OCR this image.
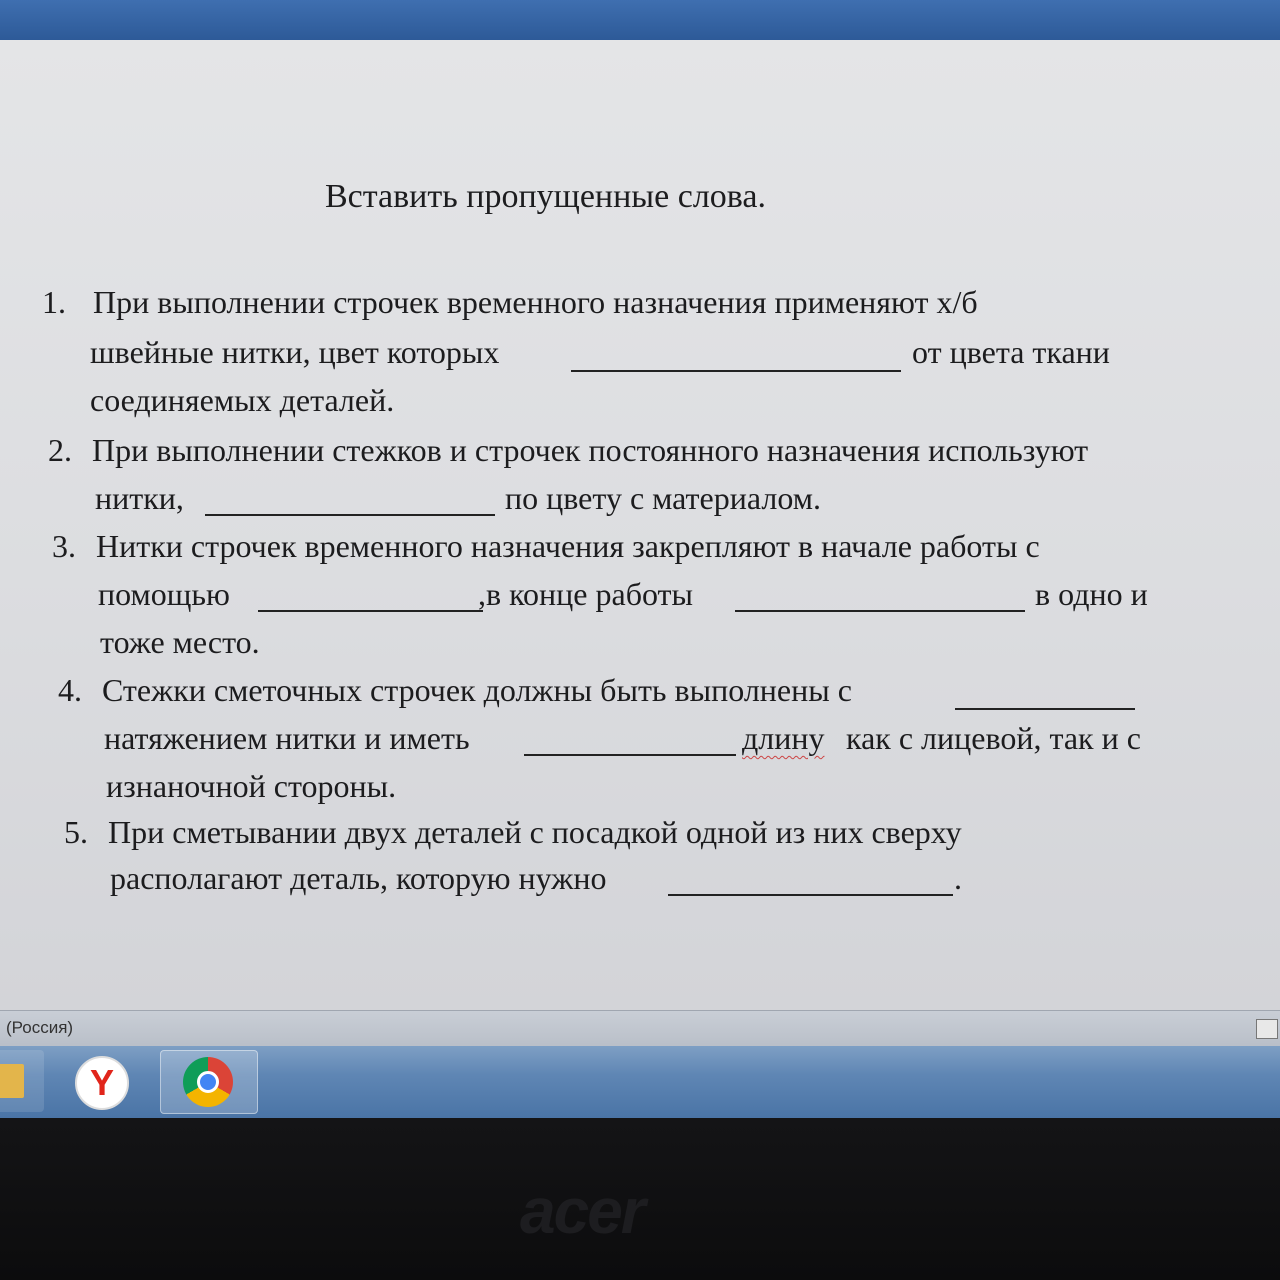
Вставить пропущенные слова.
1. При выполнении строчек временного назначения применяют х/б
швейные нитки, цвет которых	от цвета ткани
соединяемых деталей.
2. При выполнении стежков и строчек постоянного назначения используют
нитки,	по цвету с материалом.
3. Нитки строчек временного назначения закрепляют в начале работы с
помощью	,в конце работы	в одно и
тоже место.
4. Стежки сметочных строчек должны быть выполнены с
натяжением нитки и иметь	длину как с лицевой, так и с
изнаночной стороны.
5. При сметывании двух деталей с посадкой одной из них сверху
располагают деталь, которую нужно	.
(Россия)
Y
acer
